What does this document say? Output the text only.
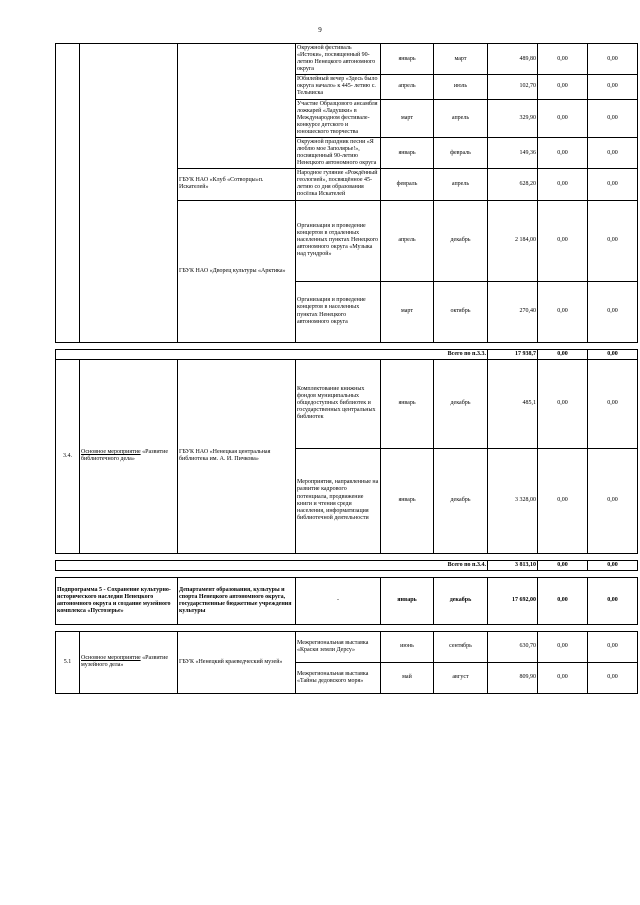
9
			Окружной фестиваль «Истоки», посвященный 90-летию Ненецкого автономного округа	январь	март	489,80	0,00	0,00
			Юбилейный вечер «Здесь было округа начало» к 445- летию с. Тельвиска	апрель	июль	102,70	0,00	0,00
			Участие Образцового ансамбля ложкарей «Ладушки» в Международном фестивале-конкурсе детского и юношеского творчества	март	апрель	329,90	0,00	0,00
			Окружной праздник песни «Я люблю мое Заполярье!», посвященный 90-летию Ненецкого автономного округа	январь	февраль	149,36	0,00	0,00
		ГБУК НАО «Клуб «Сотворцы»п. Искателей»	Народное гуляние «Рождённый геологией», посвящённое 45-летию со дня образования посёлка Искателей	февраль	апрель	628,20	0,00	0,00
		ГБУК НАО «Дворец культуры «Арктика»	Организация и проведение концертов в отдаленных населенных пунктах Ненецкого автономного округа «Музыка над тундрой»	апрель	декабрь	2 184,00	0,00	0,00
			Организация и проведение концертов в населенных пунктах Ненецкого автономного округа	март	октябрь	270,40	0,00	0,00

Всего по п.3.3.						17 938,7	0,00	0,00
3.4.	Основное мероприятие «Развитие библиотечного дела»	ГБУК НАО «Ненецкая центральная библиотека им. А. И. Пичкова»	Комплектование книжных фондов муниципальных общедоступных библиотек и государственных центральных библиотек	январь	декабрь	485,1	0,00	0,00
			Мероприятия, направленные на развитие кадрового потенциала, продвижение книги и чтения среди населения, информатизация библиотечной деятельности	январь	декабрь	3 328,00	0,00	0,00

Всего по п.3.4.						3 813,10	0,00	0,00

Подпрограмма 5 - Сохранение культурно-исторического наследия Ненецкого автономного округа и создание музейного комплекса «Пустозерье»		Департамент образования, культуры и спорта Ненецкого автономного округа, государственные бюджетные учреждения культуры	-	январь	декабрь	17 692,00	0,00	0,00

5.1	Основное мероприятие «Развитие музейного дела»	ГБУК «Ненецкий краеведческий музей»	Межрегиональная выставка «Краски земли Дерсу»	июнь	сентябрь	630,70	0,00	0,00
			Межрегиональная выставка «Тайны дедовского моря»	май	август	809,90	0,00	0,00
